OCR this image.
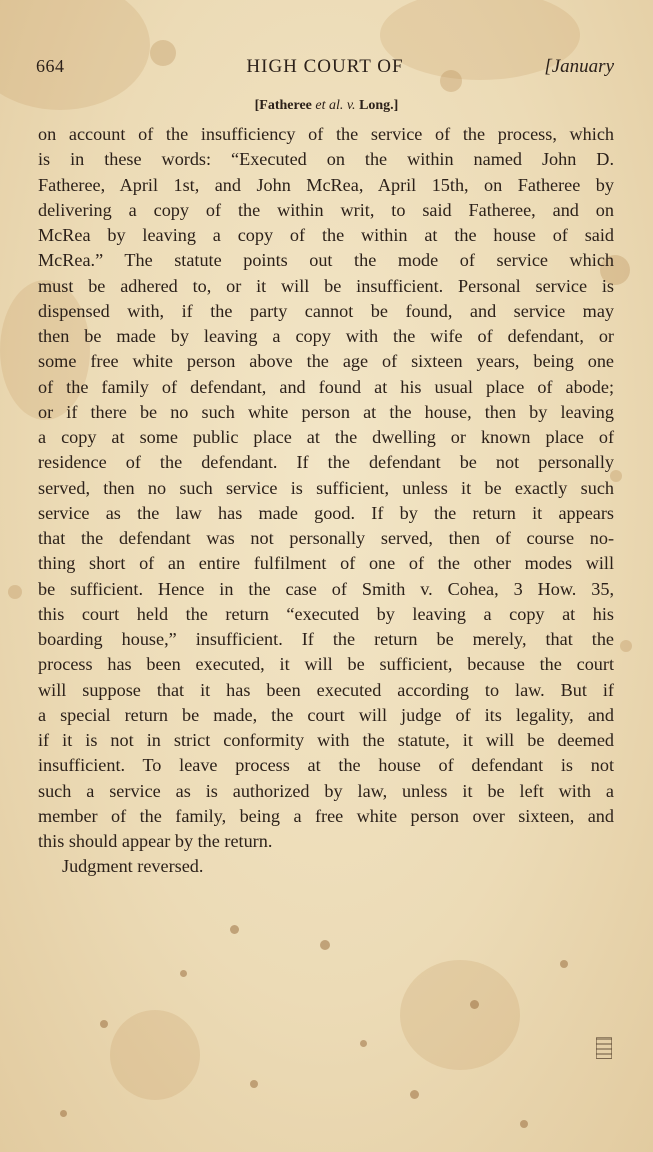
664	HIGH COURT OF	[January
[Fatheree et al. v. Long.]
on account of the insufficiency of the service of the process, which
is in these words: “Executed on the within named John D.
Fatheree, April 1st, and John McRea, April 15th, on Fatheree by
delivering a copy of the within writ, to said Fatheree, and on
McRea by leaving a copy of the within at the house of said
McRea.” The statute points out the mode of service which
must be adhered to, or it will be insufficient. Personal service is
dispensed with, if the party cannot be found, and service may
then be made by leaving a copy with the wife of defendant, or
some free white person above the age of sixteen years, being one
of the family of defendant, and found at his usual place of abode;
or if there be no such white person at the house, then by leaving
a copy at some public place at the dwelling or known place of
residence of the defendant. If the defendant be not personally
served, then no such service is sufficient, unless it be exactly such
service as the law has made good. If by the return it appears
that the defendant was not personally served, then of course no-
thing short of an entire fulfilment of one of the other modes will
be sufficient. Hence in the case of Smith v. Cohea, 3 How. 35,
this court held the return “executed by leaving a copy at his
boarding house,” insufficient. If the return be merely, that the
process has been executed, it will be sufficient, because the court
will suppose that it has been executed according to law. But if
a special return be made, the court will judge of its legality, and
if it is not in strict conformity with the statute, it will be deemed
insufficient. To leave process at the house of defendant is not
such a service as is authorized by law, unless it be left with a
member of the family, being a free white person over sixteen, and
this should appear by the return.
Judgment reversed.
